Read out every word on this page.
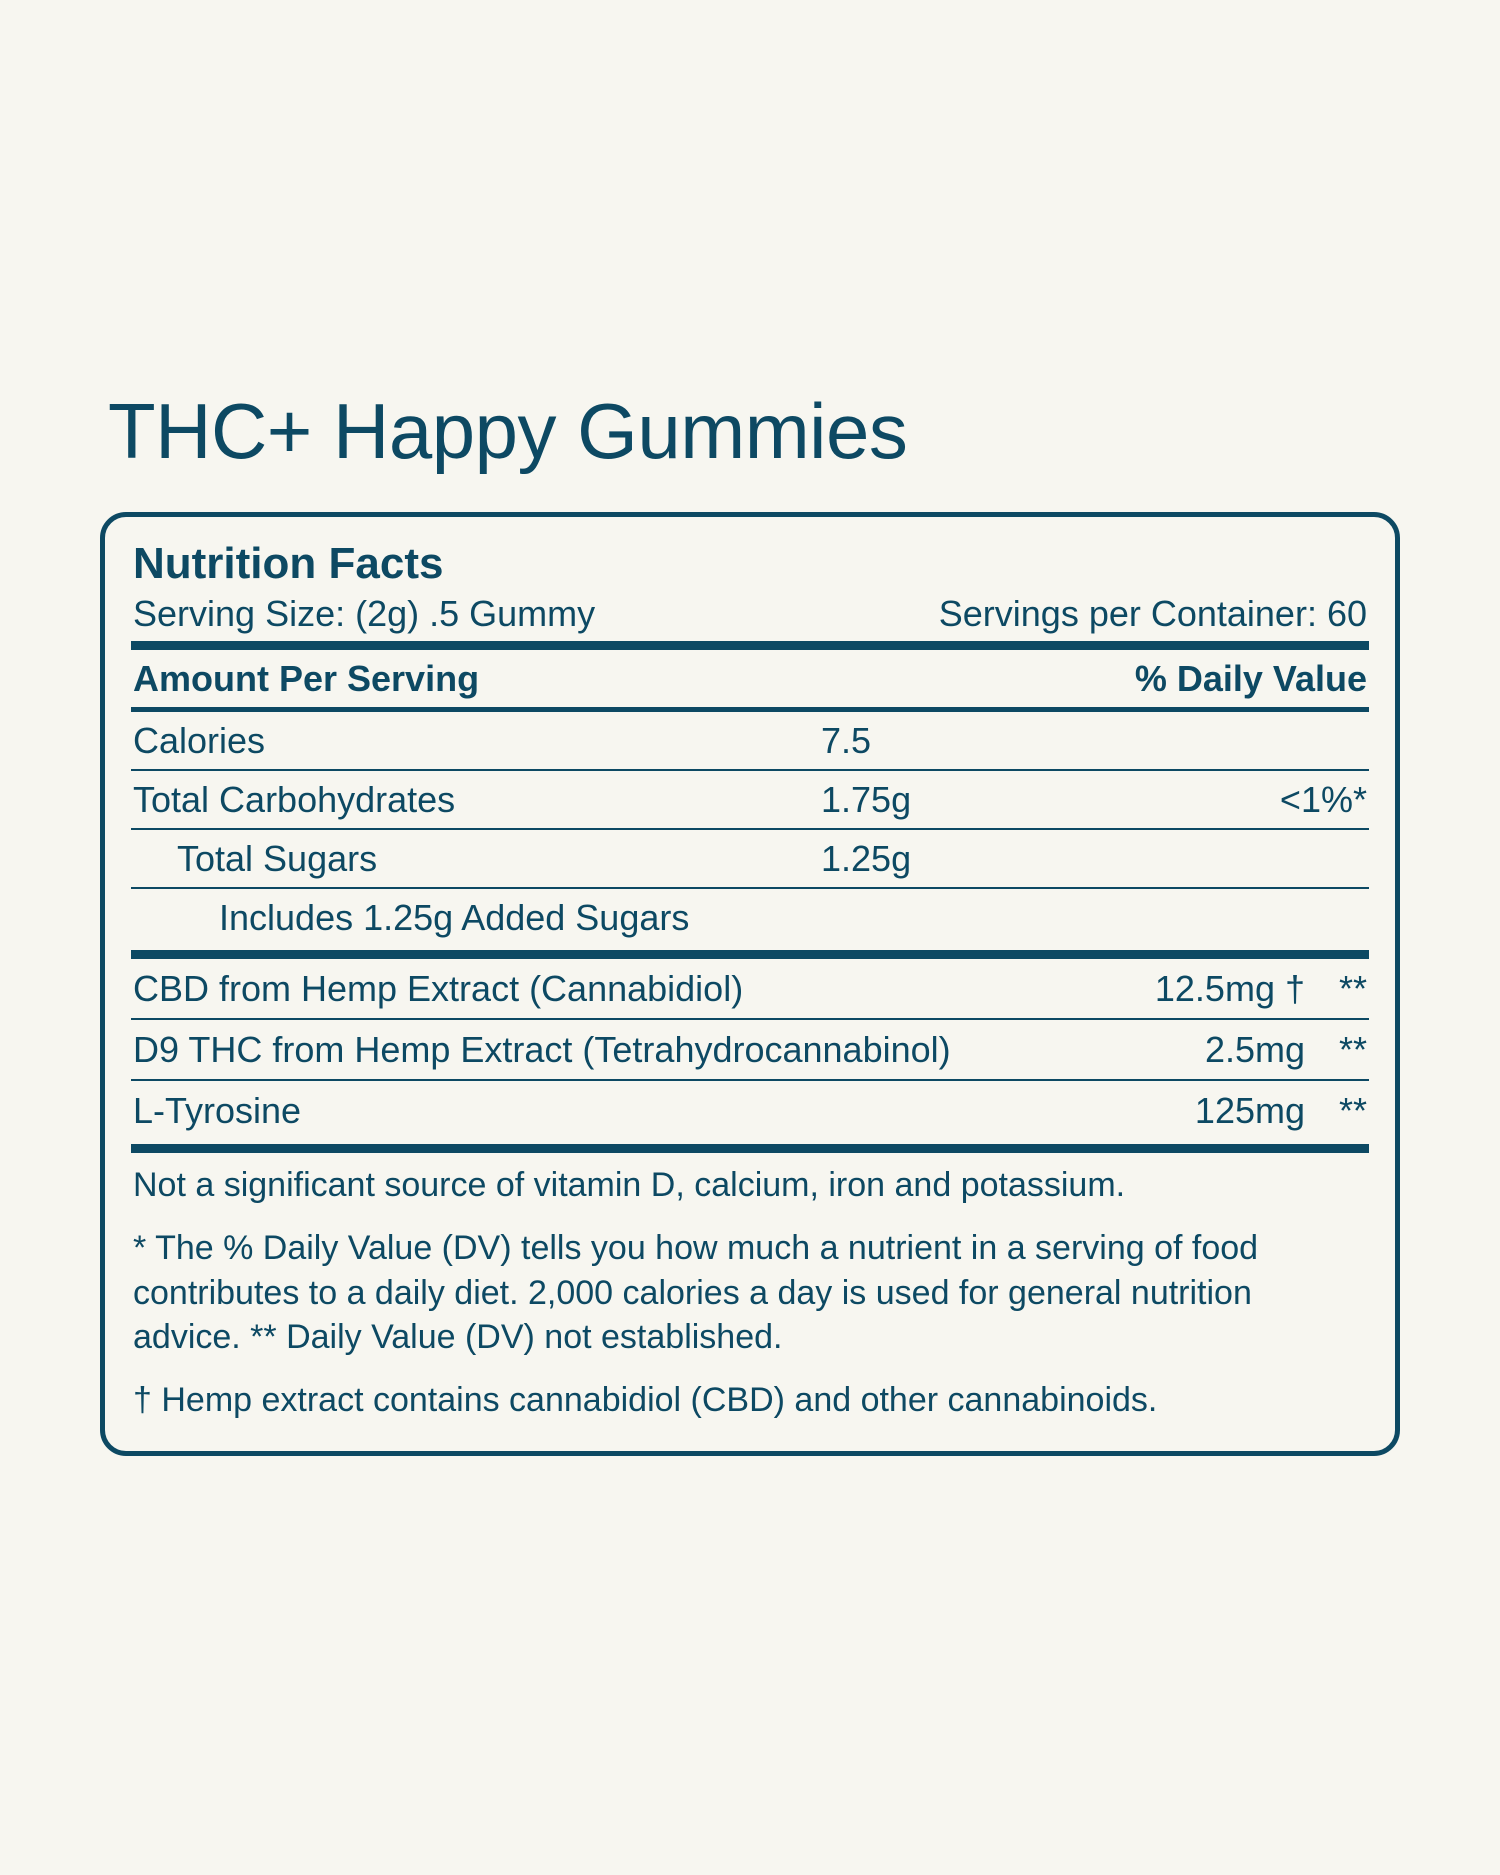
THC+ Happy Gummies
Nutrition Facts
Serving Size: (2g) .5 Gummy	Servings per Container: 60
Amount Per Serving	% Daily Value
Calories	7.5
Total Carbohydrates	1.75g	<1%*
Total Sugars	1.25g
Includes 1.25g Added Sugars
CBD from Hemp Extract (Cannabidiol)	12.5mg † **
D9 THC from Hemp Extract (Tetrahydrocannabinol)	2.5mg **
L-Tyrosine	125mg **
Not a significant source of vitamin D, calcium, iron and potassium.
* The % Daily Value (DV) tells you how much a nutrient in a serving of food contributes to a daily diet. 2,000 calories a day is used for general nutrition advice. ** Daily Value (DV) not established.
† Hemp extract contains cannabidiol (CBD) and other cannabinoids.
